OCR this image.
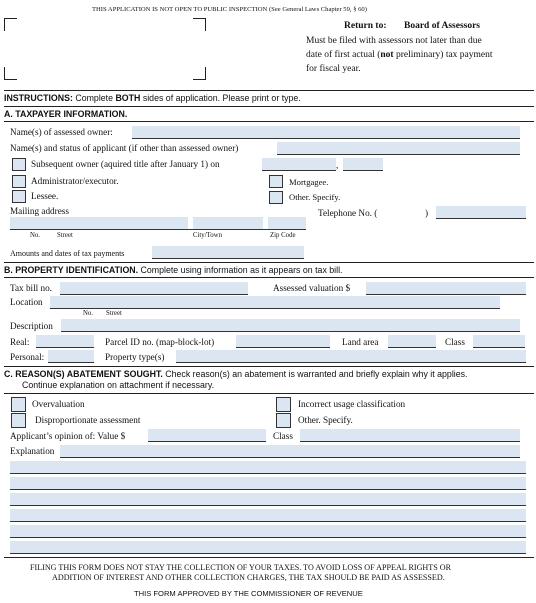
THIS APPLICATION IS NOT OPEN TO PUBLIC INSPECTION (See General Laws Chapter 59, § 60)
Return to: Board of Assessors
Must be filed with assessors not later than due
date of first actual (not preliminary) tax payment
for fiscal year.
INSTRUCTIONS: Complete BOTH sides of application. Please print or type.
A. TAXPAYER INFORMATION.
Name(s) of assessed owner:
Name(s) and status of applicant (if other than assessed owner)
Subsequent owner (aquired title after January 1) on	,
Administrator/executor.	Mortgagee.
Lessee.	Other. Specify.
Mailing address	Telephone No. (	)
No. Street	City/Town	Zip Code
Amounts and dates of tax payments
B. PROPERTY IDENTIFICATION. Complete using information as it appears on tax bill.
Tax bill no.	Assessed valuation $
Location
No. Street
Description
Real:	Parcel ID no. (map-block-lot)	Land area	Class
Personal:	Property type(s)
C. REASON(S) ABATEMENT SOUGHT. Check reason(s) an abatement is warranted and briefly explain why it applies.
Continue explanation on attachment if necessary.
Overvaluation	Incorrect usage classification
Disproportionate assessment	Other. Specify.
Applicant’s opinion of: Value $	Class
Explanation
FILING THIS FORM DOES NOT STAY THE COLLECTION OF YOUR TAXES. TO AVOID LOSS OF APPEAL RIGHTS OR
ADDITION OF INTEREST AND OTHER COLLECTION CHARGES, THE TAX SHOULD BE PAID AS ASSESSED.
THIS FORM APPROVED BY THE COMMISSIONER OF REVENUE
